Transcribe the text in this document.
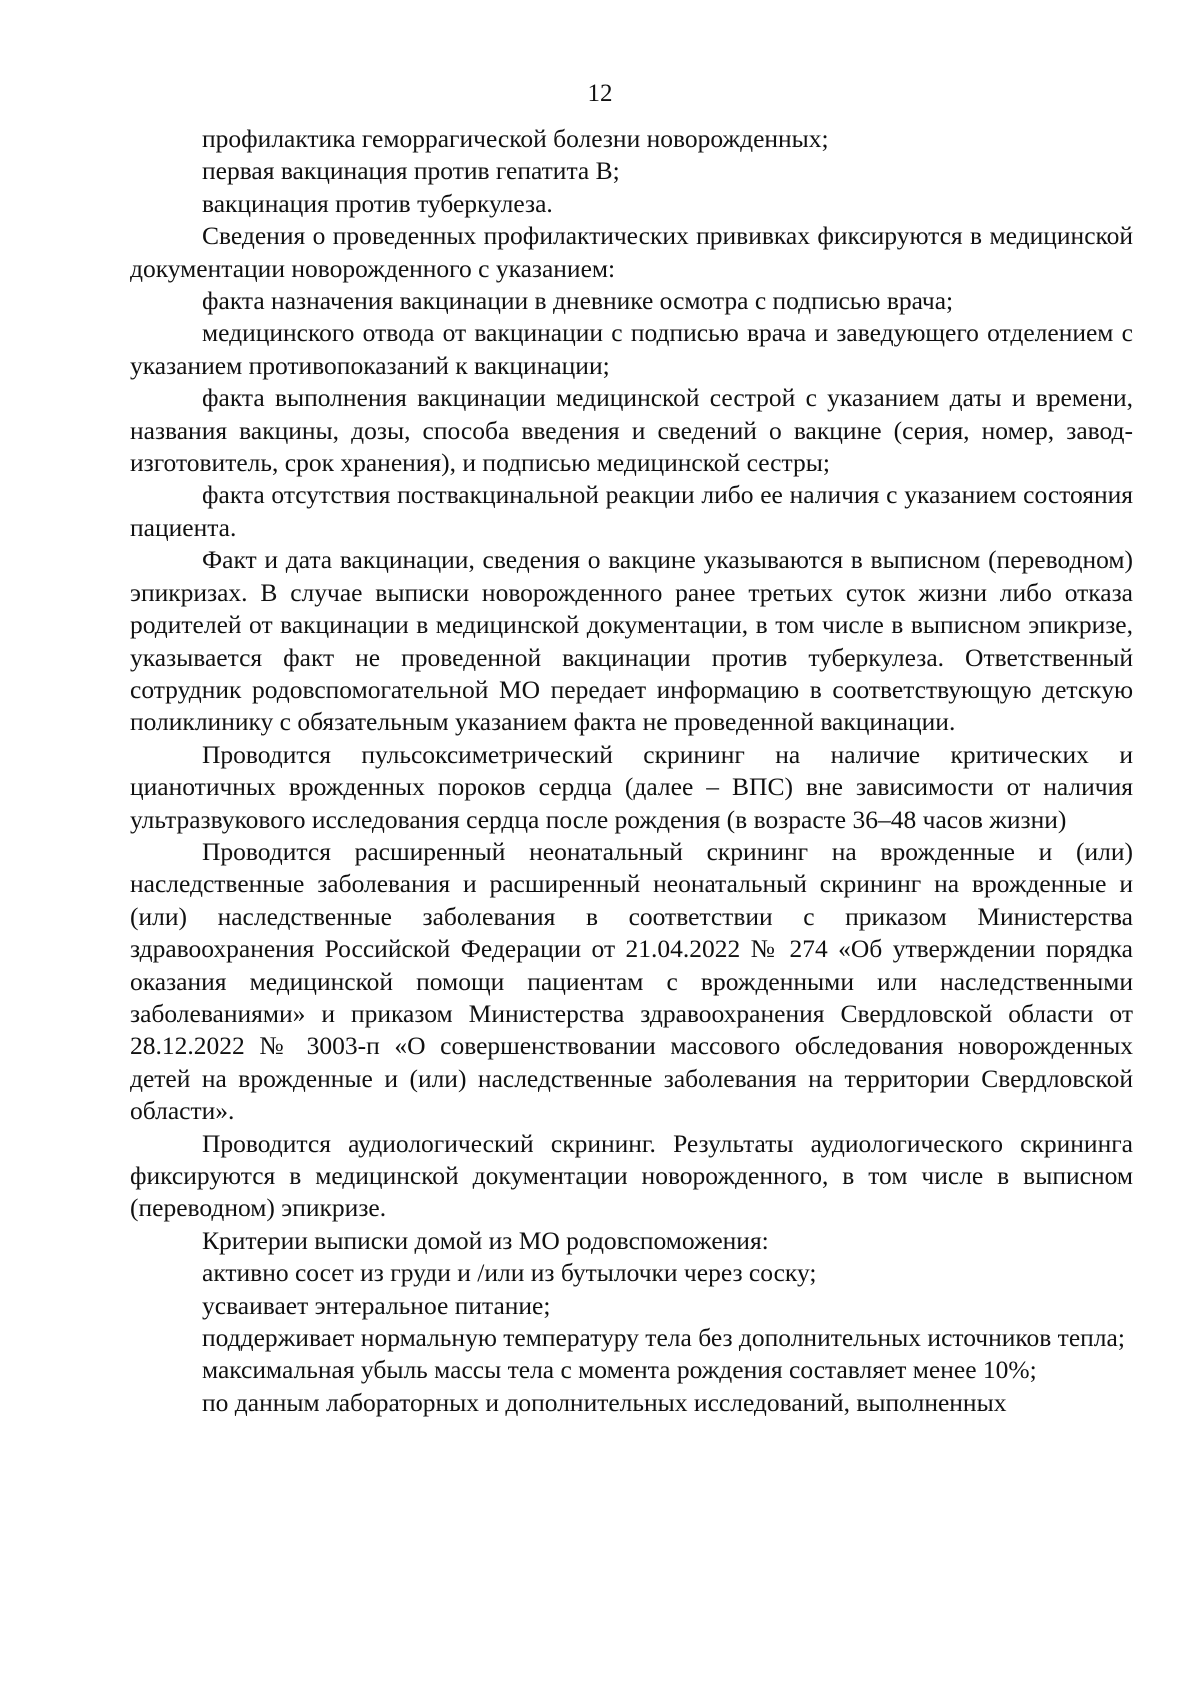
12

профилактика геморрагической болезни новорожденных;

первая вакцинация против гепатита В;

вакцинация против туберкулеза.

Сведения о проведенных профилактических прививках фиксируются в медицинской документации новорожденного с указанием:

факта назначения вакцинации в дневнике осмотра с подписью врача;

медицинского отвода от вакцинации с подписью врача и заведующего отделением с указанием противопоказаний к вакцинации;

факта выполнения вакцинации медицинской сестрой с указанием даты и времени, названия вакцины, дозы, способа введения и сведений о вакцине (серия, номер, завод-изготовитель, срок хранения), и подписью медицинской сестры;

факта отсутствия поствакцинальной реакции либо ее наличия с указанием состояния пациента.

Факт и дата вакцинации, сведения о вакцине указываются в выписном (переводном) эпикризах. В случае выписки новорожденного ранее третьих суток жизни либо отказа родителей от вакцинации в медицинской документации, в том числе в выписном эпикризе, указывается факт не проведенной вакцинации против туберкулеза. Ответственный сотрудник родовспомогательной МО передает информацию в соответствующую детскую поликлинику с обязательным указанием факта не проведенной вакцинации.

Проводится пульсоксиметрический скрининг на наличие критических и цианотичных врожденных пороков сердца (далее – ВПС) вне зависимости от наличия ультразвукового исследования сердца после рождения (в возрасте 36–48 часов жизни)

Проводится расширенный неонатальный скрининг на врожденные и (или) наследственные заболевания и расширенный неонатальный скрининг на врожденные и (или) наследственные заболевания в соответствии с приказом Министерства здравоохранения Российской Федерации от 21.04.2022 № 274 «Об утверждении порядка оказания медицинской помощи пациентам с врожденными или наследственными заболеваниями» и приказом Министерства здравоохранения Свердловской области от 28.12.2022 № 3003-п «О совершенствовании массового обследования новорожденных детей на врожденные и (или) наследственные заболевания на территории Свердловской области».

Проводится аудиологический скрининг. Результаты аудиологического скрининга фиксируются в медицинской документации новорожденного, в том числе в выписном (переводном) эпикризе.

Критерии выписки домой из МО родовспоможения:

активно сосет из груди и /или из бутылочки через соску;

усваивает энтеральное питание;

поддерживает нормальную температуру тела без дополнительных источников тепла;

максимальная убыль массы тела с момента рождения составляет менее 10%;

по данным лабораторных и дополнительных исследований, выполненных
